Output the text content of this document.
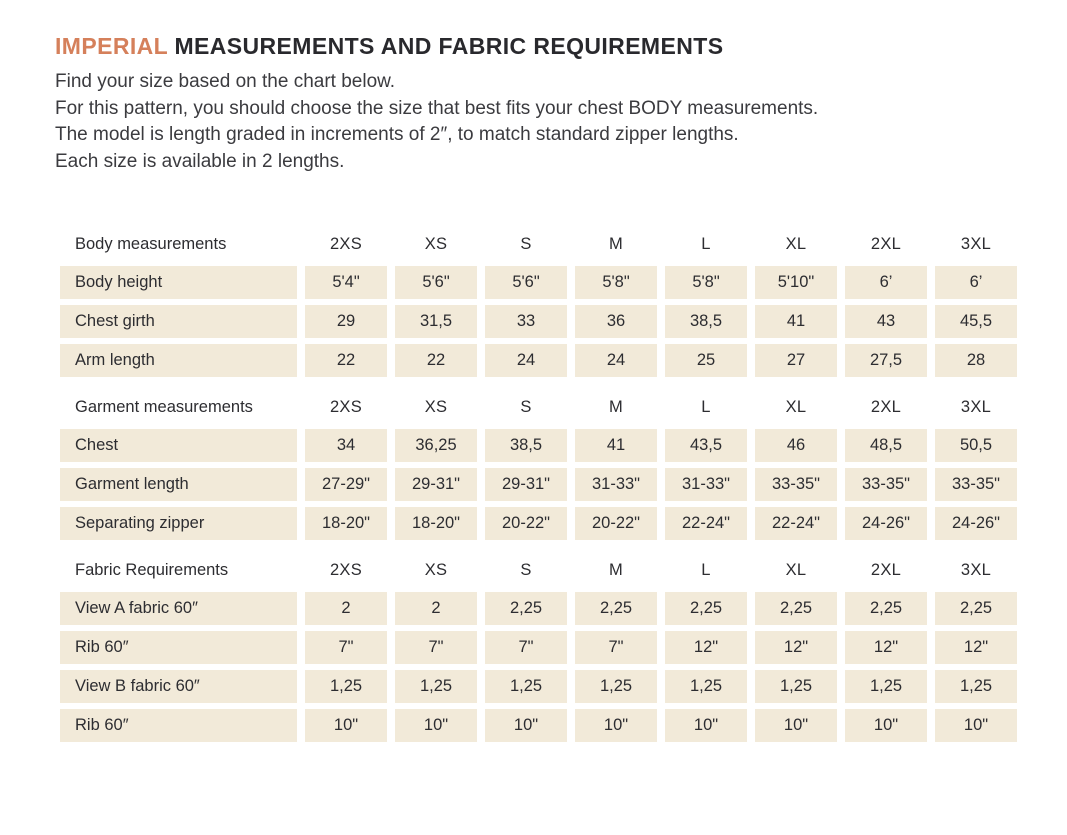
IMPERIAL MEASUREMENTS AND FABRIC REQUIREMENTS

Find your size based on the chart below.

For this pattern, you should choose the size that best fits your chest BODY measurements.

The model is length graded in increments of 2″, to match standard zipper lengths.

Each size is available in 2 lengths.

Body measurements	2XS	XS	S	M	L	XL	2XL	3XL
Body height	5'4"	5'6"	5'6"	5'8"	5'8"	5'10"	6’	6’
Chest girth	29	31,5	33	36	38,5	41	43	45,5
Arm length	22	22	24	24	25	27	27,5	28
Garment measurements	2XS	XS	S	M	L	XL	2XL	3XL
Chest	34	36,25	38,5	41	43,5	46	48,5	50,5
Garment length	27-29"	29-31"	29-31"	31-33"	31-33"	33-35"	33-35"	33-35"
Separating zipper	18-20"	18-20"	20-22"	20-22"	22-24"	22-24"	24-26"	24-26"
Fabric Requirements	2XS	XS	S	M	L	XL	2XL	3XL
View A fabric 60″	2	2	2,25	2,25	2,25	2,25	2,25	2,25
Rib 60″	7"	7"	7"	7"	12"	12"	12"	12"
View B fabric 60″	1,25	1,25	1,25	1,25	1,25	1,25	1,25	1,25
Rib 60″	10"	10"	10"	10"	10"	10"	10"	10"
